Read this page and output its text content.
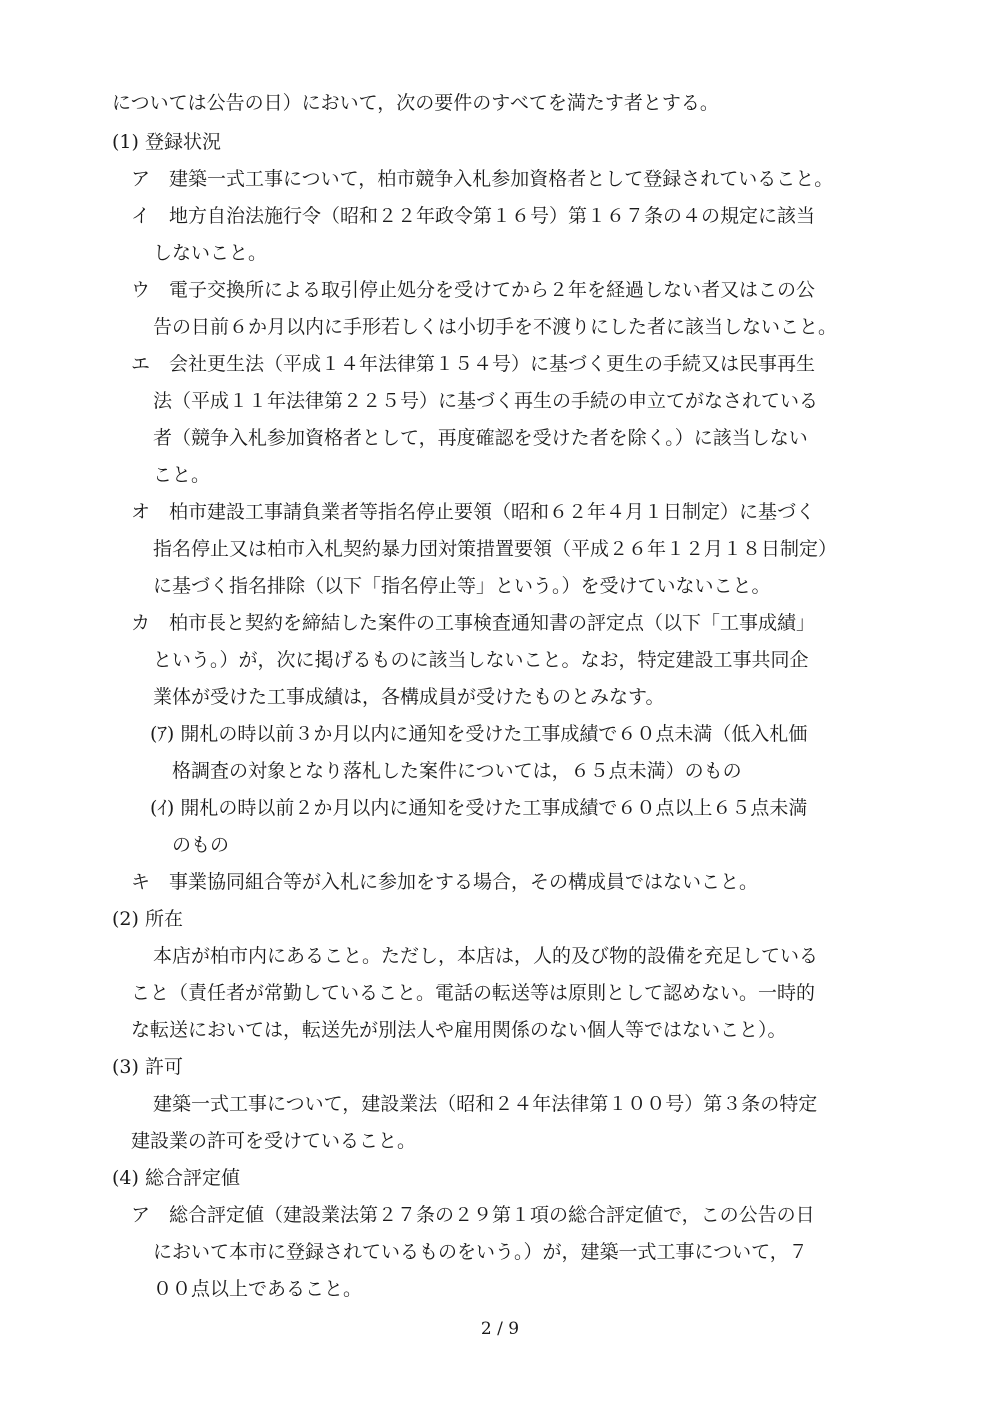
については公告の日）において，次の要件のすべてを満たす者とする。
(1) 登録状況
ア　建築一式工事について，柏市競争入札参加資格者として登録されていること。
イ　地方自治法施行令（昭和２２年政令第１６号）第１６７条の４の規定に該当
しないこと。
ウ　電子交換所による取引停止処分を受けてから２年を経過しない者又はこの公
告の日前６か月以内に手形若しくは小切手を不渡りにした者に該当しないこと。
エ　会社更生法（平成１４年法律第１５４号）に基づく更生の手続又は民事再生
法（平成１１年法律第２２５号）に基づく再生の手続の申立てがなされている
者（競争入札参加資格者として，再度確認を受けた者を除く。）に該当しない
こと。
オ　柏市建設工事請負業者等指名停止要領（昭和６２年４月１日制定）に基づく
指名停止又は柏市入札契約暴力団対策措置要領（平成２６年１２月１８日制定）
に基づく指名排除（以下「指名停止等」という。）を受けていないこと。
カ　柏市長と契約を締結した案件の工事検査通知書の評定点（以下「工事成績」
という。）が，次に掲げるものに該当しないこと。なお，特定建設工事共同企
業体が受けた工事成績は，各構成員が受けたものとみなす。
(ｱ) 開札の時以前３か月以内に通知を受けた工事成績で６０点未満（低入札価
格調査の対象となり落札した案件については，６５点未満）のもの
(ｲ) 開札の時以前２か月以内に通知を受けた工事成績で６０点以上６５点未満
のもの
キ　事業協同組合等が入札に参加をする場合，その構成員ではないこと。
(2) 所在
本店が柏市内にあること。ただし，本店は，人的及び物的設備を充足している
こと（責任者が常勤していること。電話の転送等は原則として認めない。一時的
な転送においては，転送先が別法人や雇用関係のない個人等ではないこと）。
(3) 許可
建築一式工事について，建設業法（昭和２４年法律第１００号）第３条の特定
建設業の許可を受けていること。
(4) 総合評定値
ア　総合評定値（建設業法第２７条の２９第１項の総合評定値で，この公告の日
において本市に登録されているものをいう。）が，建築一式工事について，７
００点以上であること。
2 / 9
